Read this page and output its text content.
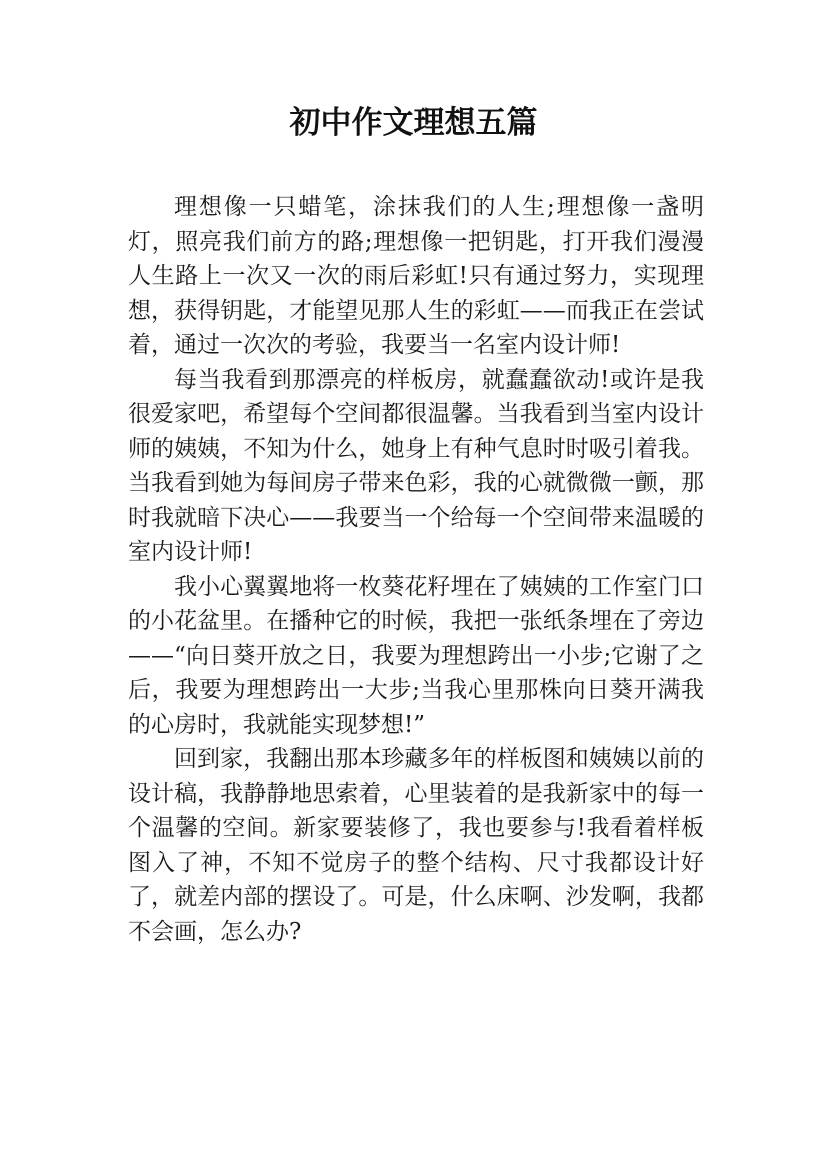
初中作文理想五篇

理想像一只蜡笔，涂抹我们的人生;理想像一盏明灯，照亮我们前方的路;理想像一把钥匙，打开我们漫漫人生路上一次又一次的雨后彩虹!只有通过努力，实现理想，获得钥匙，才能望见那人生的彩虹——而我正在尝试着，通过一次次的考验，我要当一名室内设计师!

每当我看到那漂亮的样板房，就蠢蠢欲动!或许是我很爱家吧，希望每个空间都很温馨。当我看到当室内设计师的姨姨，不知为什么，她身上有种气息时时吸引着我。当我看到她为每间房子带来色彩，我的心就微微一颤，那时我就暗下决心——我要当一个给每一个空间带来温暖的室内设计师!

我小心翼翼地将一枚葵花籽埋在了姨姨的工作室门口的小花盆里。在播种它的时候，我把一张纸条埋在了旁边——“向日葵开放之日，我要为理想跨出一小步;它谢了之后，我要为理想跨出一大步;当我心里那株向日葵开满我的心房时，我就能实现梦想!”

回到家，我翻出那本珍藏多年的样板图和姨姨以前的设计稿，我静静地思索着，心里装着的是我新家中的每一个温馨的空间。新家要装修了，我也要参与!我看着样板图入了神，不知不觉房子的整个结构、尺寸我都设计好了，就差内部的摆设了。可是，什么床啊、沙发啊，我都不会画，怎么办?
